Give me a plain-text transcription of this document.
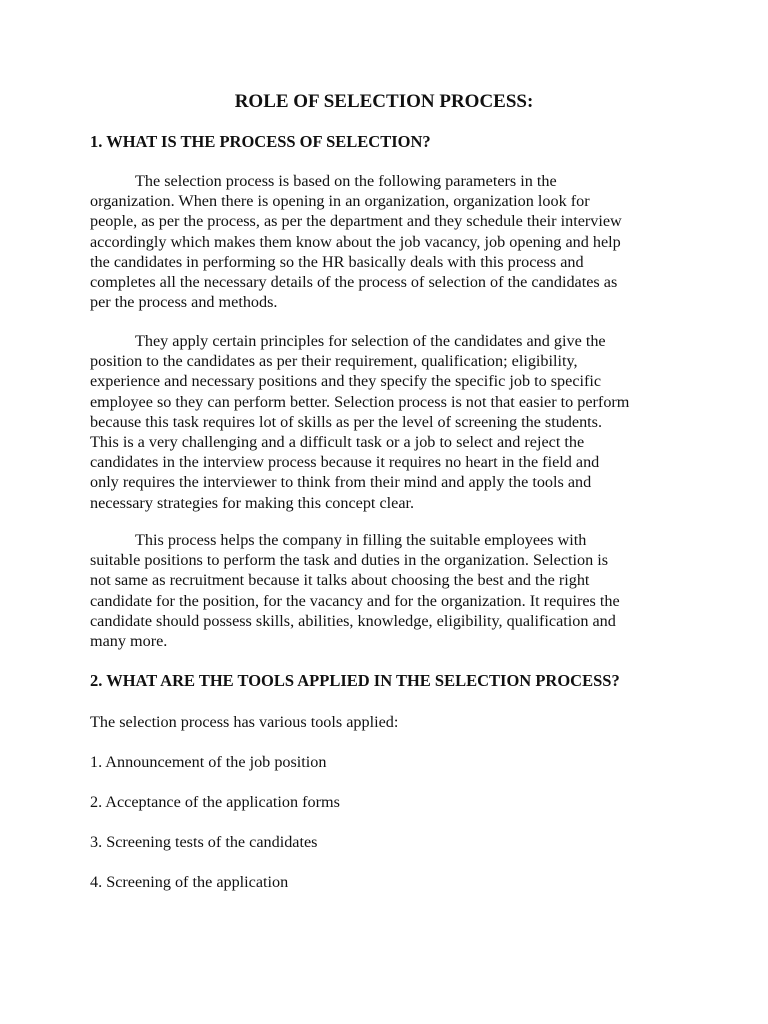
ROLE OF SELECTION PROCESS:
1. WHAT IS THE PROCESS OF SELECTION?
The selection process is based on the following parameters in the
organization. When there is opening in an organization, organization look for
people, as per the process, as per the department and they schedule their interview
accordingly which makes them know about the job vacancy, job opening and help
the candidates in performing so the HR basically deals with this process and
completes all the necessary details of the process of selection of the candidates as
per the process and methods.
They apply certain principles for selection of the candidates and give the
position to the candidates as per their requirement, qualification; eligibility,
experience and necessary positions and they specify the specific job to specific
employee so they can perform better. Selection process is not that easier to perform
because this task requires lot of skills as per the level of screening the students.
This is a very challenging and a difficult task or a job to select and reject the
candidates in the interview process because it requires no heart in the field and
only requires the interviewer to think from their mind and apply the tools and
necessary strategies for making this concept clear.
This process helps the company in filling the suitable employees with
suitable positions to perform the task and duties in the organization. Selection is
not same as recruitment because it talks about choosing the best and the right
candidate for the position, for the vacancy and for the organization. It requires the
candidate should possess skills, abilities, knowledge, eligibility, qualification and
many more.
2. WHAT ARE THE TOOLS APPLIED IN THE SELECTION PROCESS?
The selection process has various tools applied:
1. Announcement of the job position
2. Acceptance of the application forms
3. Screening tests of the candidates
4. Screening of the application
